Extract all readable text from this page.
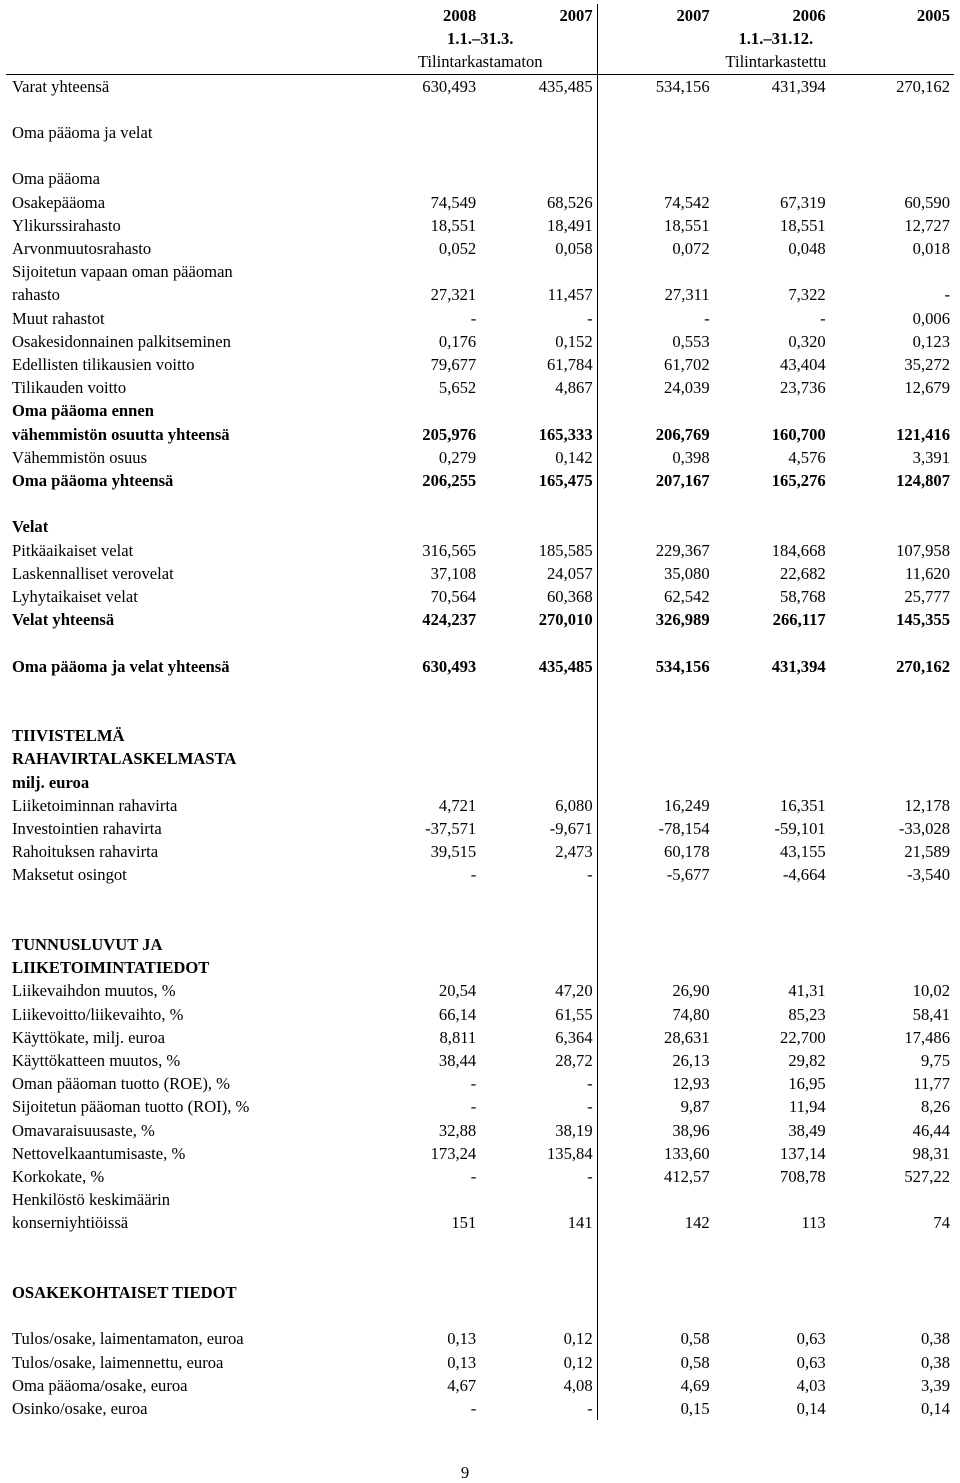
	2008	2007	2007	2006	2005
	1.1.–31.3.		1.1.–31.12.		
	Tilintarkastamaton		Tilintarkastettu		
Varat yhteensä	630,493	435,485	534,156	431,394	270,162

Oma pääoma ja velat					

Oma pääoma					
Osakepääoma	74,549	68,526	74,542	67,319	60,590
Ylikurssirahasto	18,551	18,491	18,551	18,551	12,727
Arvonmuutosrahasto	0,052	0,058	0,072	0,048	0,018
Sijoitetun vapaan oman pääoman					
rahasto	27,321	11,457	27,311	7,322	-
Muut rahastot	-	-	-	-	0,006
Osakesidonnainen palkitseminen	0,176	0,152	0,553	0,320	0,123
Edellisten tilikausien voitto	79,677	61,784	61,702	43,404	35,272
Tilikauden voitto	5,652	4,867	24,039	23,736	12,679
Oma pääoma ennen					
vähemmistön osuutta yhteensä	205,976	165,333	206,769	160,700	121,416
Vähemmistön osuus	0,279	0,142	0,398	4,576	3,391
Oma pääoma yhteensä	206,255	165,475	207,167	165,276	124,807

Velat					
Pitkäaikaiset velat	316,565	185,585	229,367	184,668	107,958
Laskennalliset verovelat	37,108	24,057	35,080	22,682	11,620
Lyhytaikaiset velat	70,564	60,368	62,542	58,768	25,777
Velat yhteensä	424,237	270,010	326,989	266,117	145,355

Oma pääoma ja velat yhteensä	630,493	435,485	534,156	431,394	270,162

TIIVISTELMÄ					
RAHAVIRTALASKELMASTA					
milj. euroa					
Liiketoiminnan rahavirta	4,721	6,080	16,249	16,351	12,178
Investointien rahavirta	-37,571	-9,671	-78,154	-59,101	-33,028
Rahoituksen rahavirta	39,515	2,473	60,178	43,155	21,589
Maksetut osingot	-	-	-5,677	-4,664	-3,540

TUNNUSLUVUT JA					
LIIKETOIMINTATIEDOT					
Liikevaihdon muutos, %	20,54	47,20	26,90	41,31	10,02
Liikevoitto/liikevaihto, %	66,14	61,55	74,80	85,23	58,41
Käyttökate, milj. euroa	8,811	6,364	28,631	22,700	17,486
Käyttökatteen muutos, %	38,44	28,72	26,13	29,82	9,75
Oman pääoman tuotto (ROE), %	-	-	12,93	16,95	11,77
Sijoitetun pääoman tuotto (ROI), %	-	-	9,87	11,94	8,26
Omavaraisuusaste, %	32,88	38,19	38,96	38,49	46,44
Nettovelkaantumisaste, %	173,24	135,84	133,60	137,14	98,31
Korkokate, %	-	-	412,57	708,78	527,22
Henkilöstö keskimäärin					
konserniyhtiöissä	151	141	142	113	74

OSAKEKOHTAISET TIEDOT					

Tulos/osake, laimentamaton, euroa	0,13	0,12	0,58	0,63	0,38
Tulos/osake, laimennettu, euroa	0,13	0,12	0,58	0,63	0,38
Oma pääoma/osake, euroa	4,67	4,08	4,69	4,03	3,39
Osinko/osake, euroa	-	-	0,15	0,14	0,14
9
